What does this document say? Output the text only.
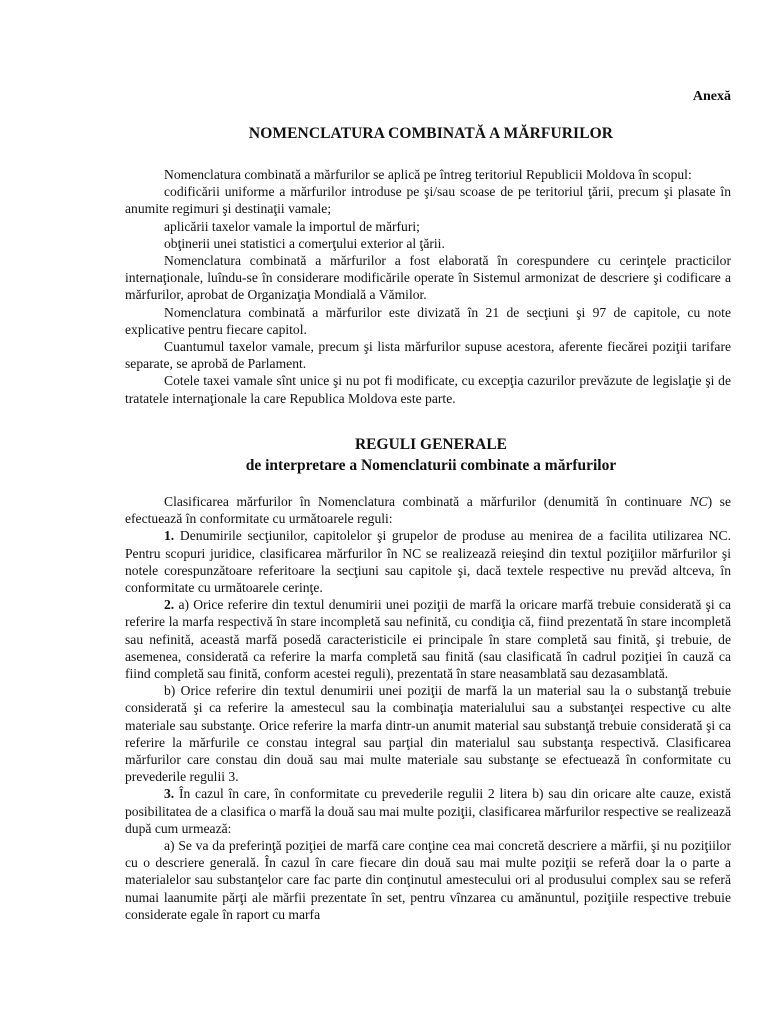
Anexă
NOMENCLATURA COMBINATĂ A MĂRFURILOR

Nomenclatura combinată a mărfurilor se aplică pe întreg teritoriul Republicii Moldova în scopul:

codificării uniforme a mărfurilor introduse pe şi/sau scoase de pe teritoriul ţării, precum şi plasate în anumite regimuri şi destinaţii vamale;

aplicării taxelor vamale la importul de mărfuri;

obţinerii unei statistici a comerţului exterior al ţării.

Nomenclatura combinată a mărfurilor a fost elaborată în corespundere cu cerinţele practicilor internaţionale, luîndu-se în considerare modificările operate în Sistemul armonizat de descriere şi codificare a mărfurilor, aprobat de Organizaţia Mondială a Vămilor.

Nomenclatura combinată a mărfurilor este divizată în 21 de secţiuni şi 97 de capitole, cu note explicative pentru fiecare capitol.

Cuantumul taxelor vamale, precum şi lista mărfurilor supuse acestora, aferente fiecărei poziţii tarifare separate, se aprobă de Parlament.

Cotele taxei vamale sînt unice şi nu pot fi modificate, cu excepţia cazurilor prevăzute de legislaţie şi de tratatele internaţionale la care Republica Moldova este parte.

REGULI GENERALE
de interpretare a Nomenclaturii combinate a mărfurilor

Clasificarea mărfurilor în Nomenclatura combinată a mărfurilor (denumită în continuare NC) se efectuează în conformitate cu următoarele reguli:

1. Denumirile secţiunilor, capitolelor şi grupelor de produse au menirea de a facilita utilizarea NC. Pentru scopuri juridice, clasificarea mărfurilor în NC se realizează reieşind din textul poziţiilor mărfurilor şi notele corespunzătoare referitoare la secţiuni sau capitole şi, dacă textele respective nu prevăd altceva, în conformitate cu următoarele cerinţe.

2. a) Orice referire din textul denumirii unei poziţii de marfă la oricare marfă trebuie considerată şi ca referire la marfa respectivă în stare incompletă sau nefinită, cu condiţia că, fiind prezentată în stare incompletă sau nefinită, această marfă posedă caracteristicile ei principale în stare completă sau finită, şi trebuie, de asemenea, considerată ca referire la marfa completă sau finită (sau clasificată în cadrul poziţiei în cauză ca fiind completă sau finită, conform acestei reguli), prezentată în stare neasamblată sau dezasamblată.

b) Orice referire din textul denumirii unei poziţii de marfă la un material sau la o substanţă trebuie considerată şi ca referire la amestecul sau la combinaţia materialului sau a substanţei respective cu alte materiale sau substanţe. Orice referire la marfa dintr-un anumit material sau substanţă trebuie considerată şi ca referire la mărfurile ce constau integral sau parţial din materialul sau substanţa respectivă. Clasificarea mărfurilor care constau din două sau mai multe materiale sau substanţe se efectuează în conformitate cu prevederile regulii 3.

3. În cazul în care, în conformitate cu prevederile regulii 2 litera b) sau din oricare alte cauze, există posibilitatea de a clasifica o marfă la două sau mai multe poziţii, clasificarea mărfurilor respective se realizează după cum urmează:

a) Se va da preferinţă poziţiei de marfă care conţine cea mai concretă descriere a mărfii, şi nu poziţiilor cu o descriere generală. În cazul în care fiecare din două sau mai multe poziţii se referă doar la o parte a materialelor sau substanţelor care fac parte din conţinutul amestecului ori al produsului complex sau se referă numai laanumite părţi ale mărfii prezentate în set, pentru vînzarea cu amănuntul, poziţiile respective trebuie considerate egale în raport cu marfa
